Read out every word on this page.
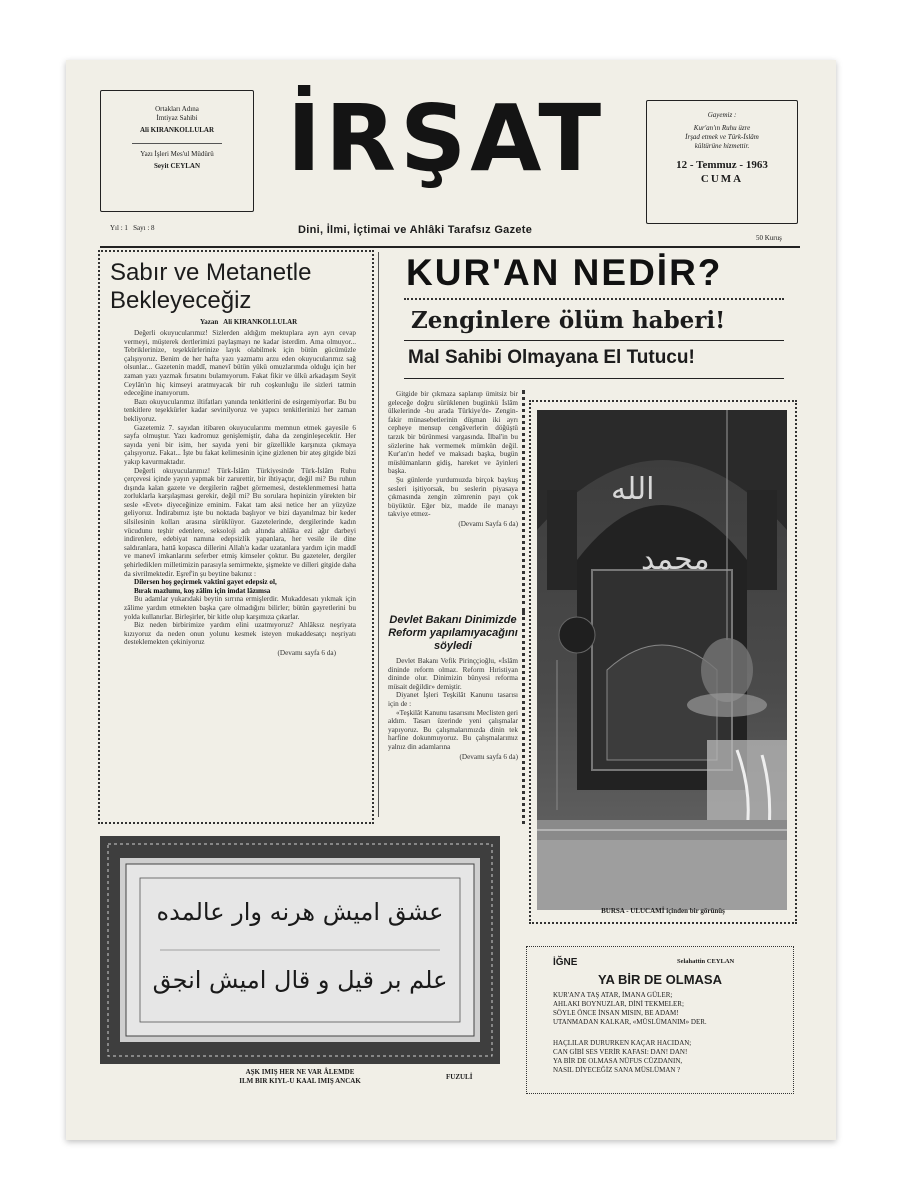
Ortakları Adına
İmtiyaz Sahibi
Ali KIRANKOLLULAR
Yazı İşleri Mes'ul Müdürü
Seyit CEYLAN İRŞAT
Dini, İlmi, İçtimai ve Ahlâki Tarafsız Gazete
Gayemiz :
Kur'an'ın Ruhu üzre
İrşad etmek ve Türk-İslâm
kültürüne hizmettir.
12 - Temmuz - 1963
CUMA
Yıl : 1   Sayı : 8
50 Kuruş
Sabır ve Metanetle
Bekleyeceğiz
Yazan   Ali KIRANKOLLULAR

Değerli okuyucularımız! Sizlerden aldığım mektuplara ayrı ayrı cevap vermeyi, müşterek dertlerimizi paylaşmayı ne kadar isterdim. Ama olmuyor... Tebriklerinize, teşekkürlerinize layık olabilmek için bütün gücümüzle çalışıyoruz. Benim de her hafta yazı yazmamı arzu eden okuyucularımız sağ olsunlar... Gazetenin maddî, manevî bütün yükü omuzlarımda olduğu için her zaman yazı yazmak fırsatını bulamıyorum. Fakat fikir ve ülkü arkadaşım Seyit Ceylân'ın hiç kimseyi aratmıyacak bir ruh coşkunluğu ile sizleri tatmin edeceğine inanıyorum.

Bazı okuyucularımız iltifatları yanında tenkitlerini de esirgemiyorlar. Bu bu tenkitlere teşekkürler kadar sevinilyoruz ve yapıcı tenkitlerinizi her zaman bekliyoruz.

Gazetemiz 7. sayıdan itibaren okuyucularımı memnun etmek gayesile 6 sayfa olmuştur. Yazı kadromuz genişlemiştir, daha da zenginleşecektir. Her sayıda yeni bir isim, her sayıda yeni bir güzellikle karşınıza çıkmaya çalışıyoruz. Fakat... İşte bu fakat kelimesinin içine gizlenen bir ateş gitgide bizi yakıp kavurmaktadır.

Değerli okuyucularımız! Türk-İslâm Türkiyesinde Türk-İslâm Ruhu çerçevesi içinde yayın yapmak bir zarurettir, bir ihtiyaçtır, değil mi? Bu ruhun dışında kalan gazete ve dergilerin rağbet görmemesi, desteklenmemesi hatta zorluklarla karşılaşması gerekir, değil mi? Bu sorulara hepinizin yürekten bir sesle «Evet» diyeceğinize eminim. Fakat tam aksi netice her an yüzyüze geliyoruz. İndirabımız işte bu noktada başlıyor ve bizi dayanılmaz bir keder silsilesinin kolları arasına sürüklüyor. Gazetelerinde, dergilerinde kadın vücudunu teşhir edenlere, seksoloji adı altında ahlâka ezi ağır darbeyi indirenlere, edebiyat namına edepsizlik yapanlara, her vesile ile dine saldıranlara, hattâ kopasca dillerini Allah'a kadar uzatanlara yardım için maddî ve manevî imkanlarını seferber etmiş kimseler çoktur. Bu gazeteler, dergiler şehirlediklerı milletimizin parasıyla semirmekte, şişmekte ve dilleri gitgide daha da sivrilmektedir. Eşref'in şu beytine bakınız :

Dilersen hoş geçirmek vaktini gayet edepsiz ol,

Bırak mazlumı, koş zâlim için imdat lâzımsa

Bu adamlar yukarıdaki beytin sırrına ermişlerdir. Mukaddesatı yıkmak için zâlime yardım etmekten başka çare olmadığını bilirler; bütün gayretlerini bu yolda kullanırlar. Birleşirler, bir kitle olup karşımıza çıkarlar.

Biz neden birbirimize yardım elini uzatmıyoruz? Ahlâksız neşriyata kızıyoruz da neden onun yolunu kesmek isteyen mukaddesatçı neşriyatı desteklemekten çekiniyoruz

(Devamı sayfa 6 da)

KUR'AN NEDİR?
Zenginlere ölüm haberi!
Mal Sahibi Olmayana El Tutucu!

Gitgide bir çıkmaza saplanıp ümitsiz bir geleceğe doğru sürüklenen bugünkü İslâm ülkelerinde -bu arada Türkiye'de- Zengin-fakir münasebetlerinin düşman iki ayrı cepheye mensup cengâverlerin döğüştü tarzık bir bürünmesi vargasında. İlbal'in bu sözlerine hak vermemek mümkün değil. Kur'an'ın hedef ve maksadı başka, bugün müslümanların gidiş, hareket ve âyinleri başka.

Şu günlerde yurdumuzda birçok baykuş sesleri işitiyorsak, bu seslerin piyasaya çıkmasında zengin zümrenin payı çok büyüktür. Eğer biz, madde ile manayı takviye etmez-

(Devamı Sayfa 6 da)

Devlet Bakanı Dinimizde Reform yapılamıyacağını söyledi

Devlet Bakanı Vefik Pirinççioğlu, «İslâm dininde reform olmaz. Reform Hıristiyan dininde olur. Dinimizin bünyesi reforma müsait değildir» demiştir.

Diyanet İşleri Teşkilât Kanunu tasarısı için de :

«Teşkilât Kanunu tasarısını Meclisten geri aldım. Tasarı üzerinde yeni çalışmalar yapıyoruz. Bu çalışmalarımızda dinin tek harfine dokunmuyoruz. Bu çalışmalarımız yalnız din adamlarına

(Devamı sayfa 6 da)

الله
محمد
BURSA - ULUCAMİ içinden bir görünüş
عشق امیش هرنه وار عالمده
علم بر قیل و قال امیش انجق
AŞK IMIŞ HER NE VAR ÂLEMDE
ILM BIR KIYL-U KAAL IMIŞ ANCAK	FUZULİ
İĞNE	Selahattin CEYLAN
YA BİR DE OLMASA
KUR'AN'A TAŞ ATAR, İMANA GÜLER;
AHLAKI BOYNUZLAR, DİNİ TEKMELER;
SÖYLE ÖNCE İNSAN MISIN, BE ADAM!
UTANMADAN KALKAR, «MÜSLÜMANIM» DER.
HAÇLILAR DURURKEN KAÇAR HACIDAN;
CAN GİBİ SES VERİR KAFASI: DAN! DAN!
YA BİR DE OLMASA NÜFUS CÜZDANIN,
NASIL DİYECEĞİZ SANA MÜSLÜMAN ?
